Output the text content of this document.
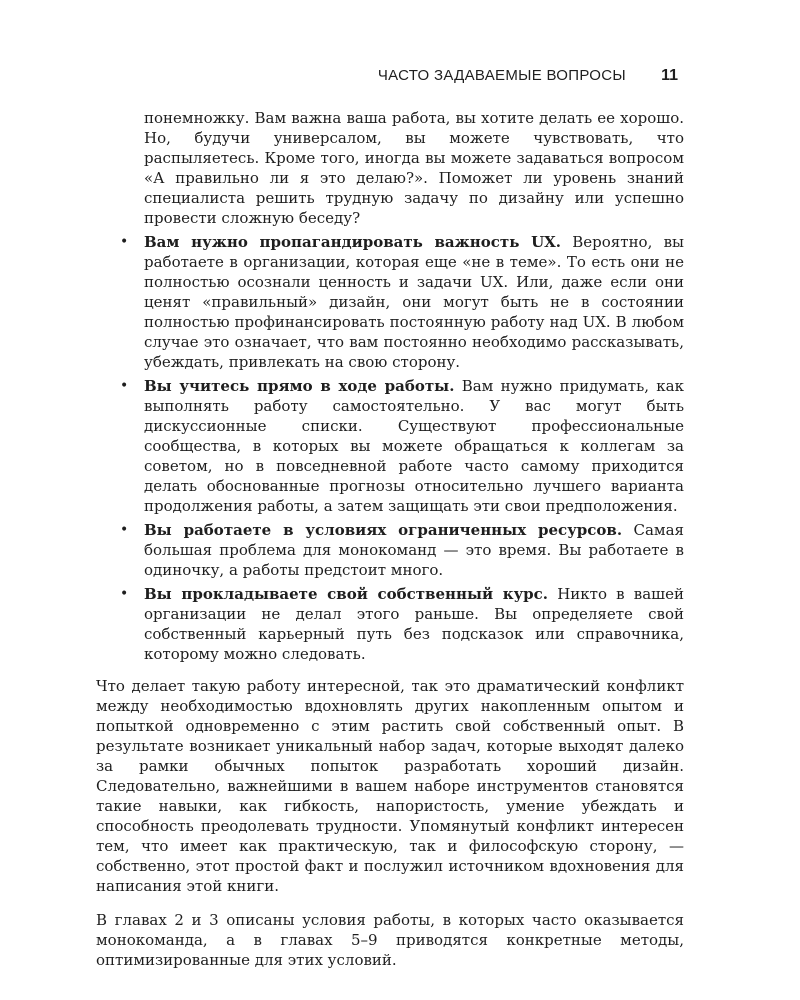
ЧАСТО ЗАДАВАЕМЫЕ ВОПРОСЫ 11

понемножку. Вам важна ваша работа, вы хотите делать ее хорошо. Но, будучи универсалом, вы можете чувствовать, что распыляетесь. Кроме того, иногда вы можете задаваться вопросом «А правильно ли я это делаю?». Поможет ли уровень знаний специалиста решить трудную задачу по дизайну или успешно провести сложную беседу?

• Вам нужно пропагандировать важность UX. Вероятно, вы работаете в организации, которая еще «не в теме». То есть они не полностью осознали ценность и задачи UX. Или, даже если они ценят «правильный» дизайн, они могут быть не в состоянии полностью профинансировать постоянную работу над UX. В любом случае это означает, что вам постоянно необходимо рассказывать, убеждать, привлекать на свою сторону.
• Вы учитесь прямо в ходе работы. Вам нужно придумать, как выполнять работу самостоятельно. У вас могут быть дискуссионные списки. Существуют профессиональные сообщества, в которых вы можете обращаться к коллегам за советом, но в повседневной работе часто самому приходится делать обоснованные прогнозы относительно лучшего варианта продолжения работы, а затем защищать эти свои предположения.
• Вы работаете в условиях ограниченных ресурсов. Самая большая проблема для монокоманд — это время. Вы работаете в одиночку, а работы предстоит много.
• Вы прокладываете свой собственный курс. Никто в вашей организации не делал этого раньше. Вы определяете свой собственный карьерный путь без подсказок или справочника, которому можно следовать.

Что делает такую работу интересной, так это драматический конфликт между необходимостью вдохновлять других накопленным опытом и попыткой одновременно с этим растить свой собственный опыт. В результате возникает уникальный набор задач, которые выходят далеко за рамки обычных попыток разработать хороший дизайн. Следовательно, важнейшими в вашем наборе инструментов становятся такие навыки, как гибкость, напористость, умение убеждать и способность преодолевать трудности. Упомянутый конфликт интересен тем, что имеет как практическую, так и философскую сторону, — собственно, этот простой факт и послужил источником вдохновения для написания этой книги.

В главах 2 и 3 описаны условия работы, в которых часто оказывается монокоманда, а в главах 5–9 приводятся конкретные методы, оптимизированные для этих условий.
